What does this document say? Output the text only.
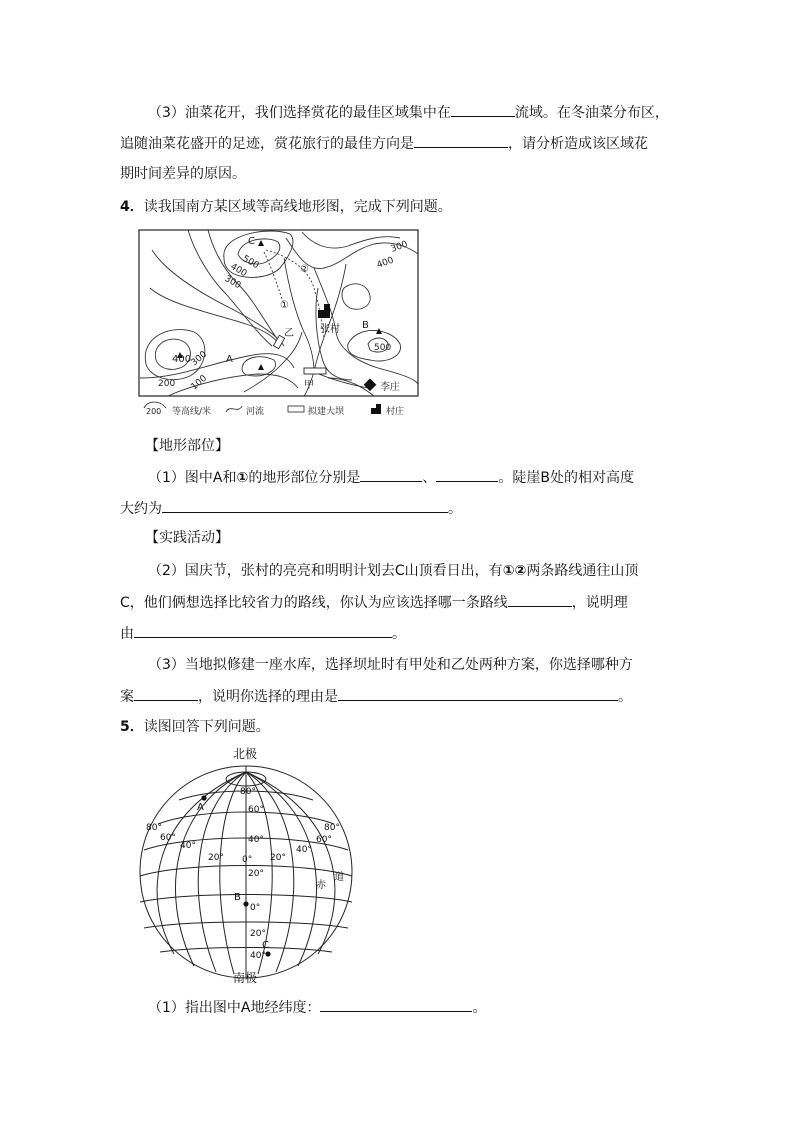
（3）油菜花开，我们选择赏花的最佳区域集中在	流域。在冬油菜分布区，
追随油菜花盛开的足迹，赏花旅行的最佳方向是	，请分析造成该区域花
期时间差异的原因。
4．读我国南方某区域等高线地形图，完成下列问题。
500
400
300
300
400
300
500
200 100
400
C
A
B
乙
甲
①
②
张村
李庄
200 等高线/米	河流	拟建大坝	村庄
【地形部位】
（1）图中A和①的地形部位分别是	、	。陡崖B处的相对高度
大约为	。
【实践活动】
（2）国庆节，张村的亮亮和明明计划去C山顶看日出，有①②两条路线通往山顶
C，他们俩想选择比较省力的路线，你认为应该选择哪一条路线	，说明理
由	。
（3）当地拟修建一座水库，选择坝址时有甲处和乙处两种方案，你选择哪种方
案	，说明你选择的理由是	。
5．读图回答下列问题。
北极
南极
A
B
C
80°
60°
40°
20°
0°
20°
40°
80°
60°
40°
20° 0° 20°
40°
60°
80°
赤
道
（1）指出图中A地经纬度：	。
